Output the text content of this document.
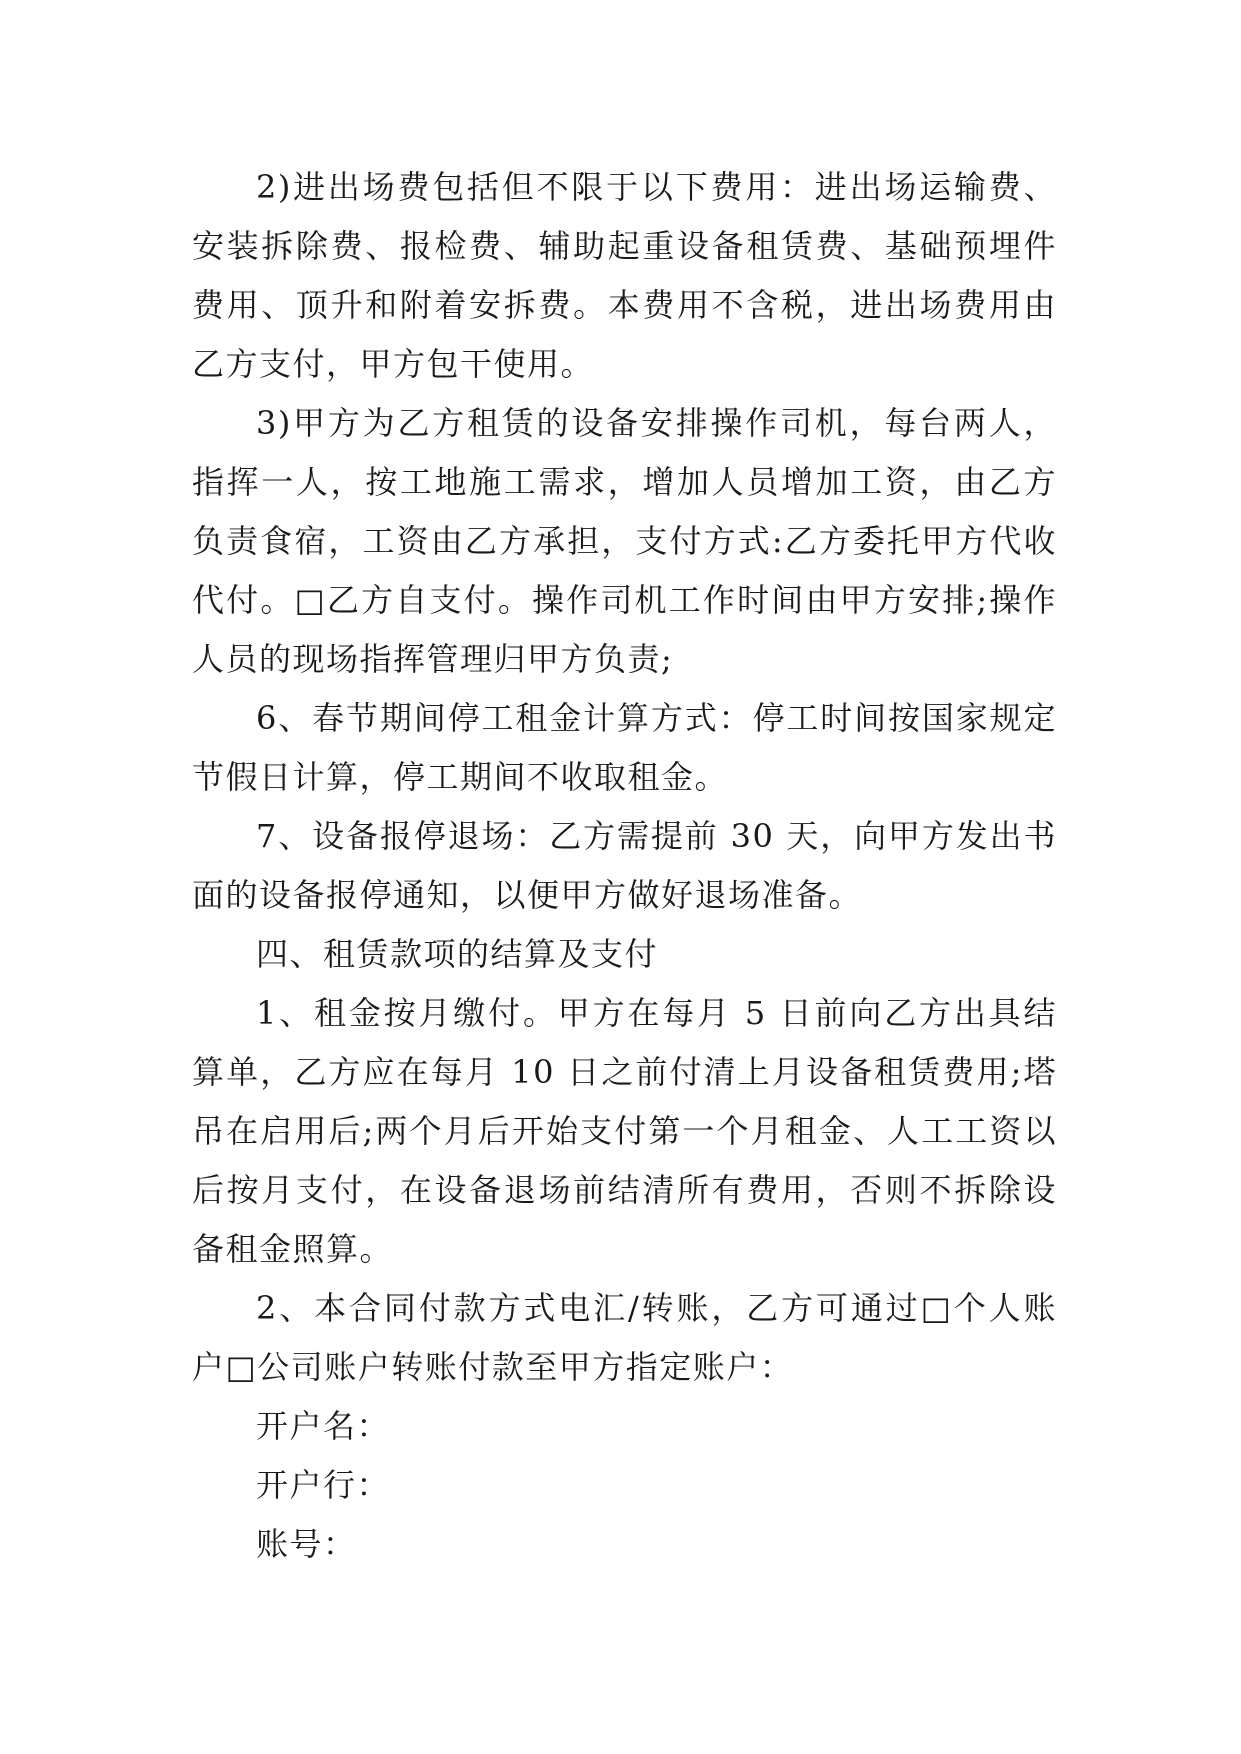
2)进出场费包括但不限于以下费用：进出场运输费、安装拆除费、报检费、辅助起重设备租赁费、基础预埋件费用、顶升和附着安拆费。本费用不含税，进出场费用由乙方支付，甲方包干使用。

3)甲方为乙方租赁的设备安排操作司机，每台两人，指挥一人，按工地施工需求，增加人员增加工资，由乙方负责食宿，工资由乙方承担，支付方式:乙方委托甲方代收代付。□乙方自支付。操作司机工作时间由甲方安排;操作人员的现场指挥管理归甲方负责;

6、春节期间停工租金计算方式：停工时间按国家规定节假日计算，停工期间不收取租金。

7、设备报停退场：乙方需提前 30 天，向甲方发出书面的设备报停通知，以便甲方做好退场准备。

四、租赁款项的结算及支付

1、租金按月缴付。甲方在每月 5 日前向乙方出具结算单，乙方应在每月 10 日之前付清上月设备租赁费用;塔吊在启用后;两个月后开始支付第一个月租金、人工工资以后按月支付，在设备退场前结清所有费用，否则不拆除设备租金照算。

2、本合同付款方式电汇/转账，乙方可通过□个人账户□公司账户转账付款至甲方指定账户：

开户名：

开户行：

账号：
